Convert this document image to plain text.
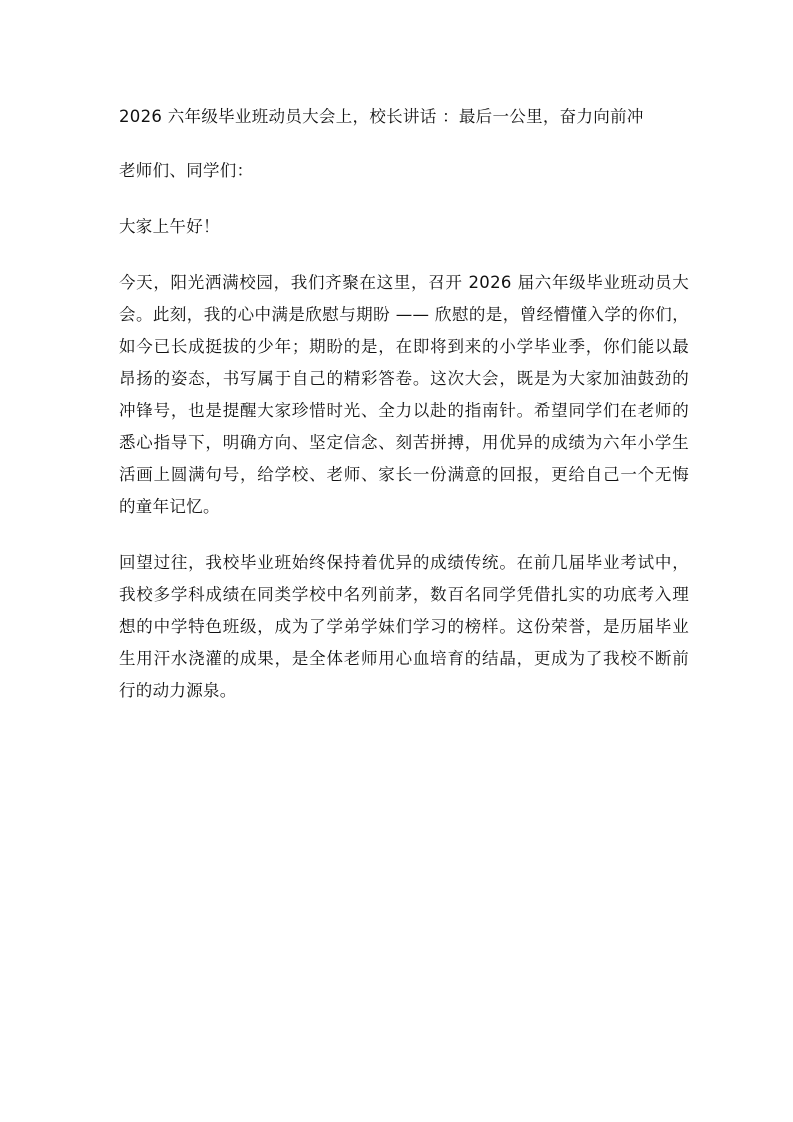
2026 六年级毕业班动员大会上，校长讲话 ：最后一公里，奋力向前冲

老师们、同学们：

大家上午好！

今天，阳光洒满校园，我们齐聚在这里，召开 2026 届六年级毕业班动员大会。此刻，我的心中满是欣慰与期盼 —— 欣慰的是，曾经懵懂入学的你们，如今已长成挺拔的少年；期盼的是，在即将到来的小学毕业季，你们能以最昂扬的姿态，书写属于自己的精彩答卷。这次大会，既是为大家加油鼓劲的冲锋号，也是提醒大家珍惜时光、全力以赴的指南针。希望同学们在老师的悉心指导下，明确方向、坚定信念、刻苦拼搏，用优异的成绩为六年小学生活画上圆满句号，给学校、老师、家长一份满意的回报，更给自己一个无悔的童年记忆。

回望过往，我校毕业班始终保持着优异的成绩传统。在前几届毕业考试中，我校多学科成绩在同类学校中名列前茅，数百名同学凭借扎实的功底考入理想的中学特色班级，成为了学弟学妹们学习的榜样。这份荣誉，是历届毕业生用汗水浇灌的成果，是全体老师用心血培育的结晶，更成为了我校不断前行的动力源泉。
